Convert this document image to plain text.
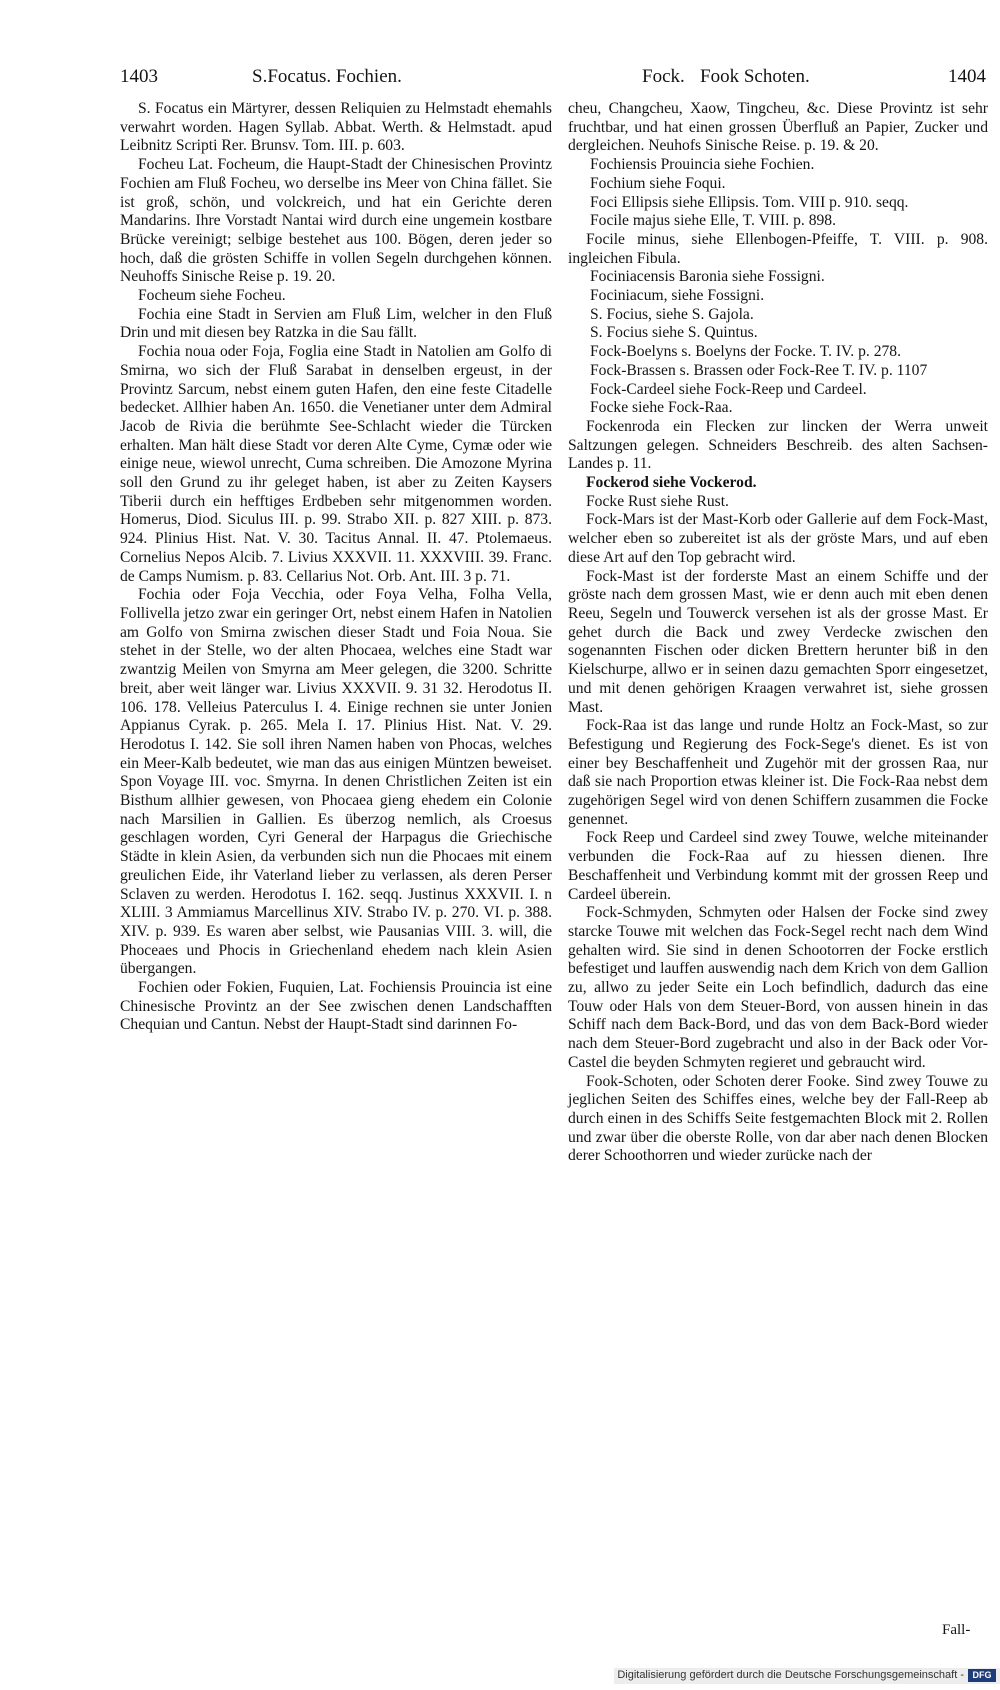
1403	S.Focatus. Fochien.	Fock. Fook Schoten.	1404

S. Focatus ein Märtyrer, dessen Reliquien zu Helmstadt ehemahls verwahrt worden. Hagen Syllab. Abbat. Werth. & Helmstadt. apud Leibnitz Scripti Rer. Brunsv. Tom. III. p. 603.

Focheu Lat. Focheum, die Haupt-Stadt der Chinesischen Provintz Fochien am Fluß Focheu, wo derselbe ins Meer von China fället. Sie ist groß, schön, und volckreich, und hat ein Gerichte deren Mandarins. Ihre Vorstadt Nantai wird durch eine ungemein kostbare Brücke vereinigt; selbige bestehet aus 100. Bögen, deren jeder so hoch, daß die grösten Schiffe in vollen Segeln durchgehen können. Neuhoffs Sinische Reise p. 19. 20.

Focheum siehe Focheu.

Fochia eine Stadt in Servien am Fluß Lim, welcher in den Fluß Drin und mit diesen bey Ratzka in die Sau fällt.

Fochia noua oder Foja, Foglia eine Stadt in Natolien am Golfo di Smirna, wo sich der Fluß Sarabat in denselben ergeust, in der Provintz Sarcum, nebst einem guten Hafen, den eine feste Citadelle bedecket. Allhier haben An. 1650. die Venetianer unter dem Admiral Jacob de Rivia die berühmte See-Schlacht wieder die Türcken erhalten. Man hält diese Stadt vor deren Alte Cyme, Cymæ oder wie einige neue, wiewol unrecht, Cuma schreiben. Die Amozone Myrina soll den Grund zu ihr geleget haben, ist aber zu Zeiten Kaysers Tiberii durch ein hefftiges Erdbeben sehr mitgenommen worden. Homerus, Diod. Siculus III. p. 99. Strabo XII. p. 827 XIII. p. 873. 924. Plinius Hist. Nat. V. 30. Tacitus Annal. II. 47. Ptolemaeus. Cornelius Nepos Alcib. 7. Livius XXXVII. 11. XXXVIII. 39. Franc. de Camps Numism. p. 83. Cellarius Not. Orb. Ant. III. 3 p. 71.

Fochia oder Foja Vecchia, oder Foya Velha, Folha Vella, Follivella jetzo zwar ein geringer Ort, nebst einem Hafen in Natolien am Golfo von Smirna zwischen dieser Stadt und Foia Noua. Sie stehet in der Stelle, wo der alten Phocaea, welches eine Stadt war zwantzig Meilen von Smyrna am Meer gelegen, die 3200. Schritte breit, aber weit länger war. Livius XXXVII. 9. 31 32. Herodotus II. 106. 178. Velleius Paterculus I. 4. Einige rechnen sie unter Jonien Appianus Cyrak. p. 265. Mela I. 17. Plinius Hist. Nat. V. 29. Herodotus I. 142. Sie soll ihren Namen haben von Phocas, welches ein Meer-Kalb bedeutet, wie man das aus einigen Müntzen beweiset. Spon Voyage III. voc. Smyrna. In denen Christlichen Zeiten ist ein Bisthum allhier gewesen, von Phocaea gieng ehedem ein Colonie nach Marsilien in Gallien. Es überzog nemlich, als Croesus geschlagen worden, Cyri General der Harpagus die Griechische Städte in klein Asien, da verbunden sich nun die Phocaes mit einem greulichen Eide, ihr Vaterland lieber zu verlassen, als deren Perser Sclaven zu werden. Herodotus I. 162. seqq. Justinus XXXVII. I. n XLIII. 3 Ammiamus Marcellinus XIV. Strabo IV. p. 270. VI. p. 388. XIV. p. 939. Es waren aber selbst, wie Pausanias VIII. 3. will, die Phoceaes und Phocis in Griechenland ehedem nach klein Asien übergangen.

Fochien oder Fokien, Fuquien, Lat. Fochiensis Prouincia ist eine Chinesische Provintz an der See zwischen denen Landschafften Chequian und Cantun. Nebst der Haupt-Stadt sind darinnen Fo-

cheu, Changcheu, Xaow, Tingcheu, &c. Diese Provintz ist sehr fruchtbar, und hat einen grossen Überfluß an Papier, Zucker und dergleichen. Neuhofs Sinische Reise. p. 19. & 20.

Fochiensis Prouincia siehe Fochien.

Fochium siehe Foqui.

Foci Ellipsis siehe Ellipsis. Tom. VIII p. 910. seqq.

Focile majus siehe Elle, T. VIII. p. 898.

Focile minus, siehe Ellenbogen-Pfeiffe, T. VIII. p. 908. ingleichen Fibula.

Fociniacensis Baronia siehe Fossigni.

Fociniacum, siehe Fossigni.

S. Focius, siehe S. Gajola.

S. Focius siehe S. Quintus.

Fock-Boelyns s. Boelyns der Focke. T. IV. p. 278.

Fock-Brassen s. Brassen oder Fock-Ree T. IV. p. 1107

Fock-Cardeel siehe Fock-Reep und Cardeel.

Focke siehe Fock-Raa.

Fockenroda ein Flecken zur lincken der Werra unweit Saltzungen gelegen. Schneiders Beschreib. des alten Sachsen-Landes p. 11.

Fockerod siehe Vockerod.

Focke Rust siehe Rust.

Fock-Mars ist der Mast-Korb oder Gallerie auf dem Fock-Mast, welcher eben so zubereitet ist als der gröste Mars, und auf eben diese Art auf den Top gebracht wird.

Fock-Mast ist der forderste Mast an einem Schiffe und der gröste nach dem grossen Mast, wie er denn auch mit eben denen Reeu, Segeln und Touwerck versehen ist als der grosse Mast. Er gehet durch die Back und zwey Verdecke zwischen den sogenannten Fischen oder dicken Brettern herunter biß in den Kielschurpe, allwo er in seinen dazu gemachten Sporr eingesetzet, und mit denen gehörigen Kraagen verwahret ist, siehe grossen Mast.

Fock-Raa ist das lange und runde Holtz an Fock-Mast, so zur Befestigung und Regierung des Fock-Sege's dienet. Es ist von einer bey Beschaffenheit und Zugehör mit der grossen Raa, nur daß sie nach Proportion etwas kleiner ist. Die Fock-Raa nebst dem zugehörigen Segel wird von denen Schiffern zusammen die Focke genennet.

Fock Reep und Cardeel sind zwey Touwe, welche miteinander verbunden die Fock-Raa auf zu hiessen dienen. Ihre Beschaffenheit und Verbindung kommt mit der grossen Reep und Cardeel überein.

Fock-Schmyden, Schmyten oder Halsen der Focke sind zwey starcke Touwe mit welchen das Fock-Segel recht nach dem Wind gehalten wird. Sie sind in denen Schootorren der Focke erstlich befestiget und lauffen auswendig nach dem Krich von dem Gallion zu, allwo zu jeder Seite ein Loch befindlich, dadurch das eine Touw oder Hals von dem Steuer-Bord, von aussen hinein in das Schiff nach dem Back-Bord, und das von dem Back-Bord wieder nach dem Steuer-Bord zugebracht und also in der Back oder Vor-Castel die beyden Schmyten regieret und gebraucht wird.

Fook-Schoten, oder Schoten derer Fooke. Sind zwey Touwe zu jeglichen Seiten des Schiffes eines, welche bey der Fall-Reep ab durch einen in des Schiffs Seite festgemachten Block mit 2. Rollen und zwar über die oberste Rolle, von dar aber nach denen Blocken derer Schoothorren und wieder zurücke nach der

Fall-
Digitalisierung gefördert durch die Deutsche Forschungsgemeinschaft - DFG
